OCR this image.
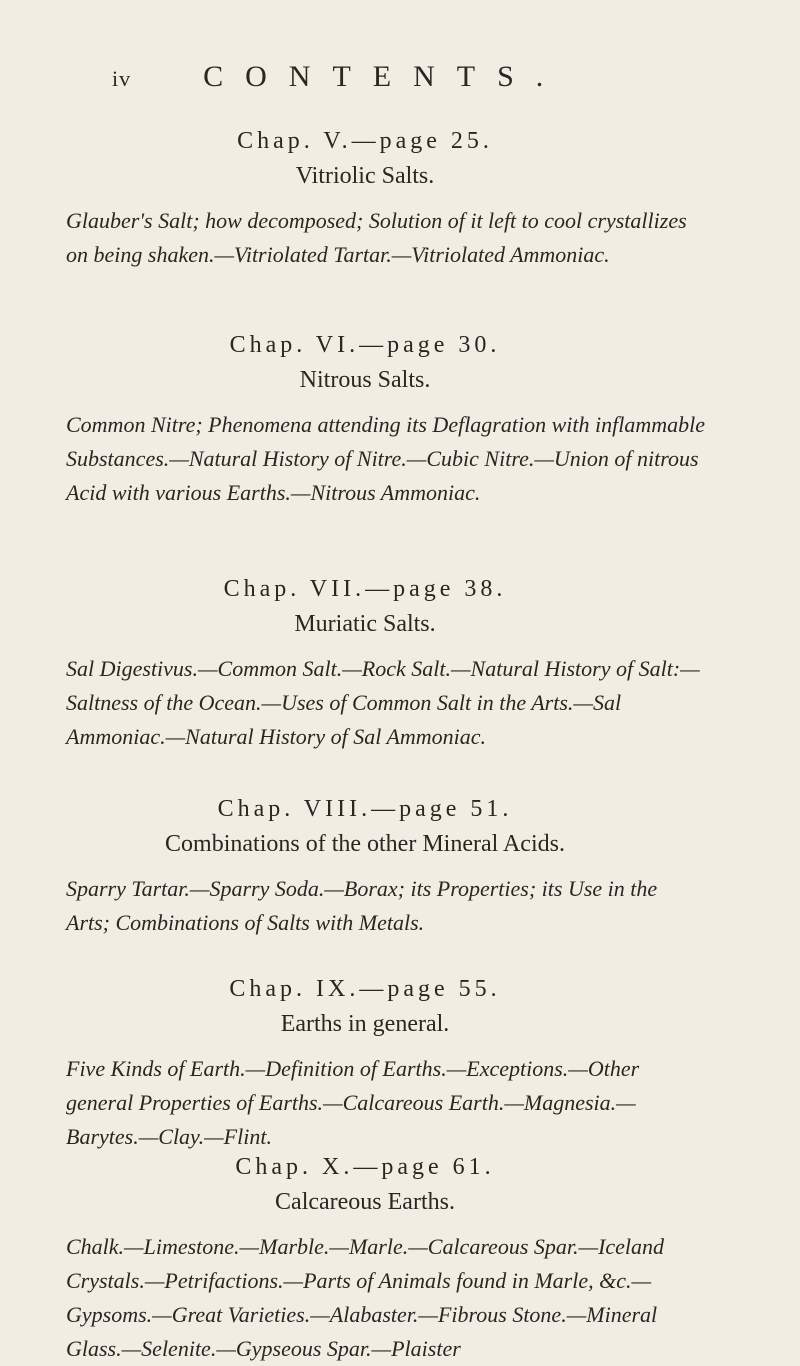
iv CONTENTS.
Chap. V.—page 25.
Vitriolic Salts.
Glauber's Salt; how decomposed; Solution of it left to cool crystallizes on being shaken.—Vitriolated Tartar.—Vitriolated Ammoniac.
Chap. VI.—page 30.
Nitrous Salts.
Common Nitre; Phenomena attending its Deflagration with inflammable Substances.—Natural History of Nitre.—Cubic Nitre.—Union of nitrous Acid with various Earths.—Nitrous Ammoniac.
Chap. VII.—page 38.
Muriatic Salts.
Sal Digestivus.—Common Salt.—Rock Salt.—Natural History of Salt:—Saltness of the Ocean.—Uses of Common Salt in the Arts.—Sal Ammoniac.—Natural History of Sal Ammoniac.
Chap. VIII.—page 51.
Combinations of the other Mineral Acids.
Sparry Tartar.—Sparry Soda.—Borax; its Properties; its Use in the Arts; Combinations of Salts with Metals.
Chap. IX.—page 55.
Earths in general.
Five Kinds of Earth.—Definition of Earths.—Exceptions.—Other general Properties of Earths.—Calcareous Earth.—Magnesia.—Barytes.—Clay.—Flint.
Chap. X.—page 61.
Calcareous Earths.
Chalk.—Limestone.—Marble.—Marle.—Calcareous Spar.—Iceland Crystals.—Petrifactions.—Parts of Animals found in Marle, &c.—Gypsoms.—Great Varieties.—Alabaster.—Fibrous Stone.—Mineral Glass.—Selenite.—Gypseous Spar.—Plaister
